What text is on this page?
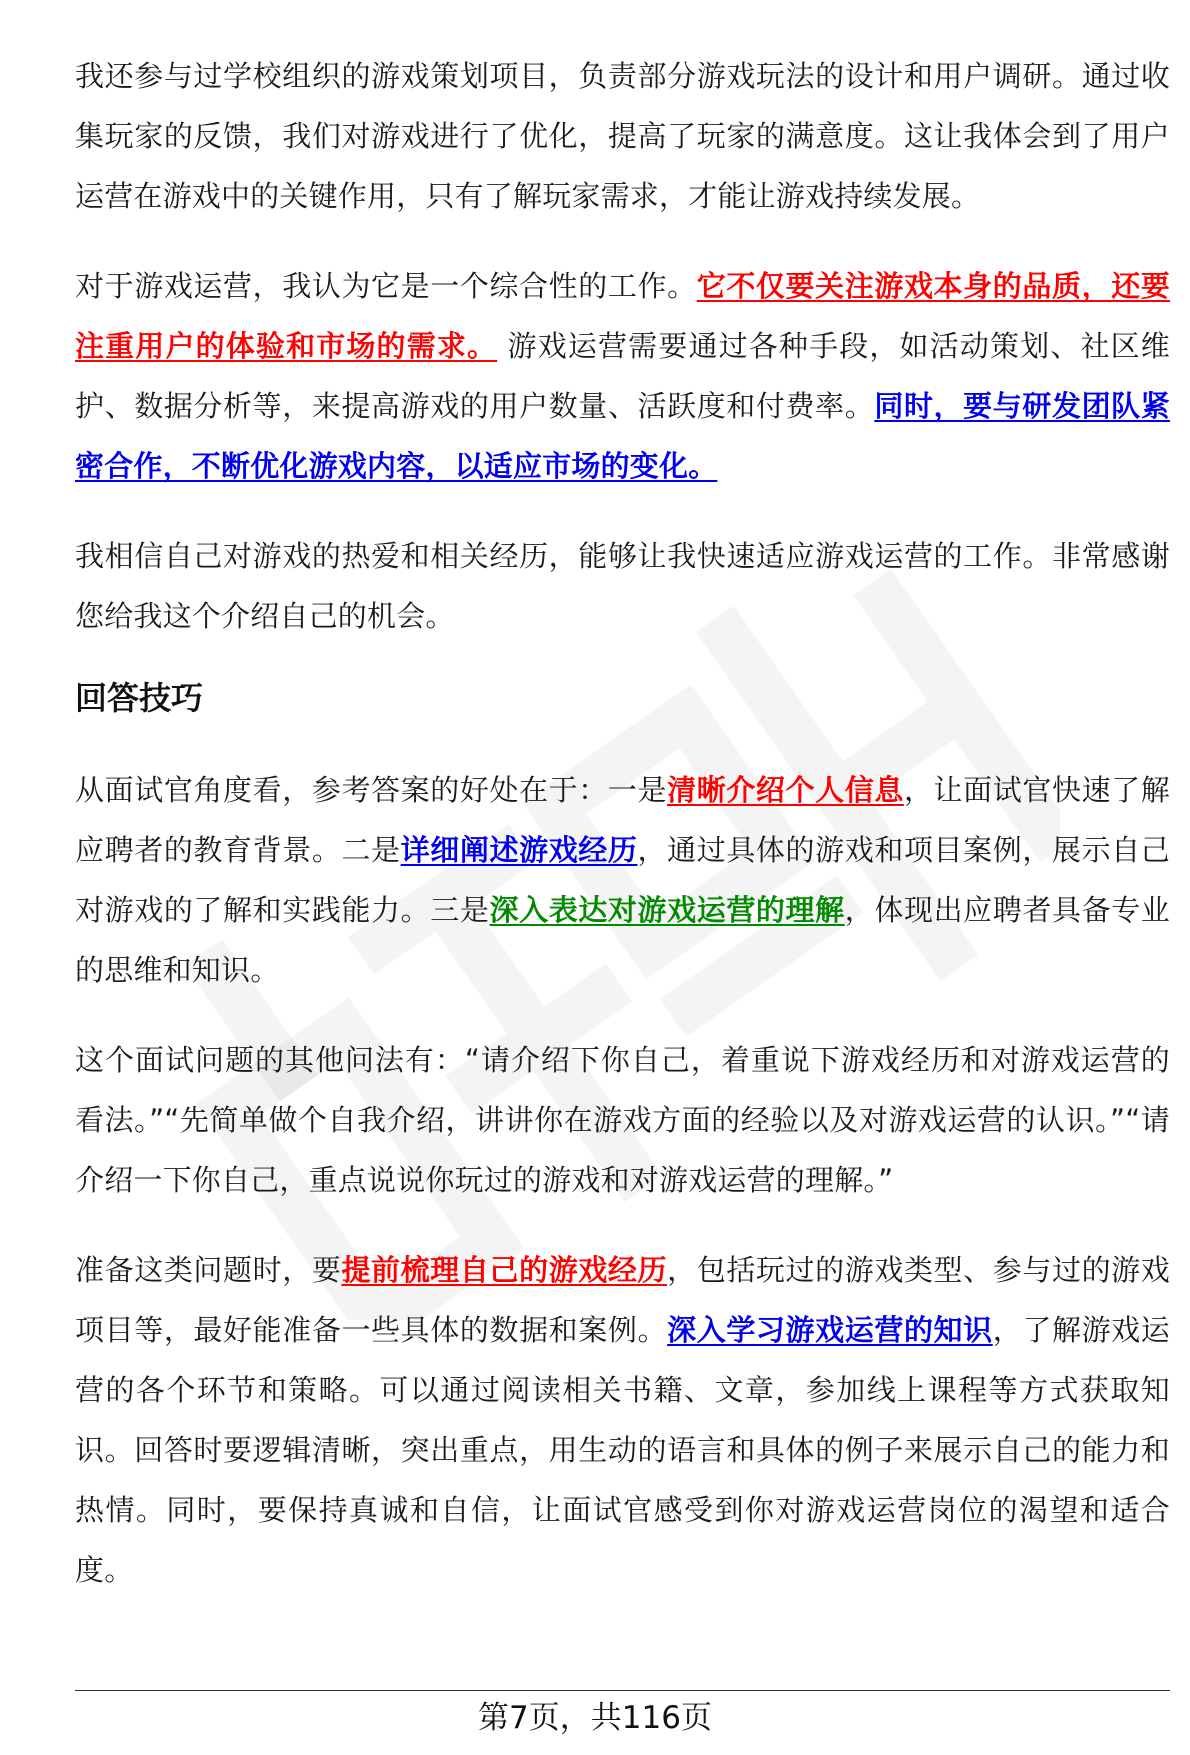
我还参与过学校组织的游戏策划项目，负责部分游戏玩法的设计和用户调研。通过收集玩家的反馈，我们对游戏进行了优化，提高了玩家的满意度。这让我体会到了用户运营在游戏中的关键作用，只有了解玩家需求，才能让游戏持续发展。

对于游戏运营，我认为它是一个综合性的工作。它不仅要关注游戏本身的品质，还要注重用户的体验和市场的需求。 游戏运营需要通过各种手段，如活动策划、社区维护、数据分析等，来提高游戏的用户数量、活跃度和付费率。同时，要与研发团队紧密合作，不断优化游戏内容，以适应市场的变化。

我相信自己对游戏的热爱和相关经历，能够让我快速适应游戏运营的工作。非常感谢您给我这个介绍自己的机会。

回答技巧

从面试官角度看，参考答案的好处在于：一是清晰介绍个人信息，让面试官快速了解应聘者的教育背景。二是详细阐述游戏经历，通过具体的游戏和项目案例，展示自己对游戏的了解和实践能力。三是深入表达对游戏运营的理解，体现出应聘者具备专业的思维和知识。

这个面试问题的其他问法有：“请介绍下你自己，着重说下游戏经历和对游戏运营的看法。”“先简单做个自我介绍，讲讲你在游戏方面的经验以及对游戏运营的认识。”“请介绍一下你自己，重点说说你玩过的游戏和对游戏运营的理解。”

准备这类问题时，要提前梳理自己的游戏经历，包括玩过的游戏类型、参与过的游戏项目等，最好能准备一些具体的数据和案例。深入学习游戏运营的知识，了解游戏运营的各个环节和策略。可以通过阅读相关书籍、文章，参加线上课程等方式获取知识。回答时要逻辑清晰，突出重点，用生动的语言和具体的例子来展示自己的能力和热情。同时，要保持真诚和自信，让面试官感受到你对游戏运营岗位的渴望和适合度。

第7页，共116页
